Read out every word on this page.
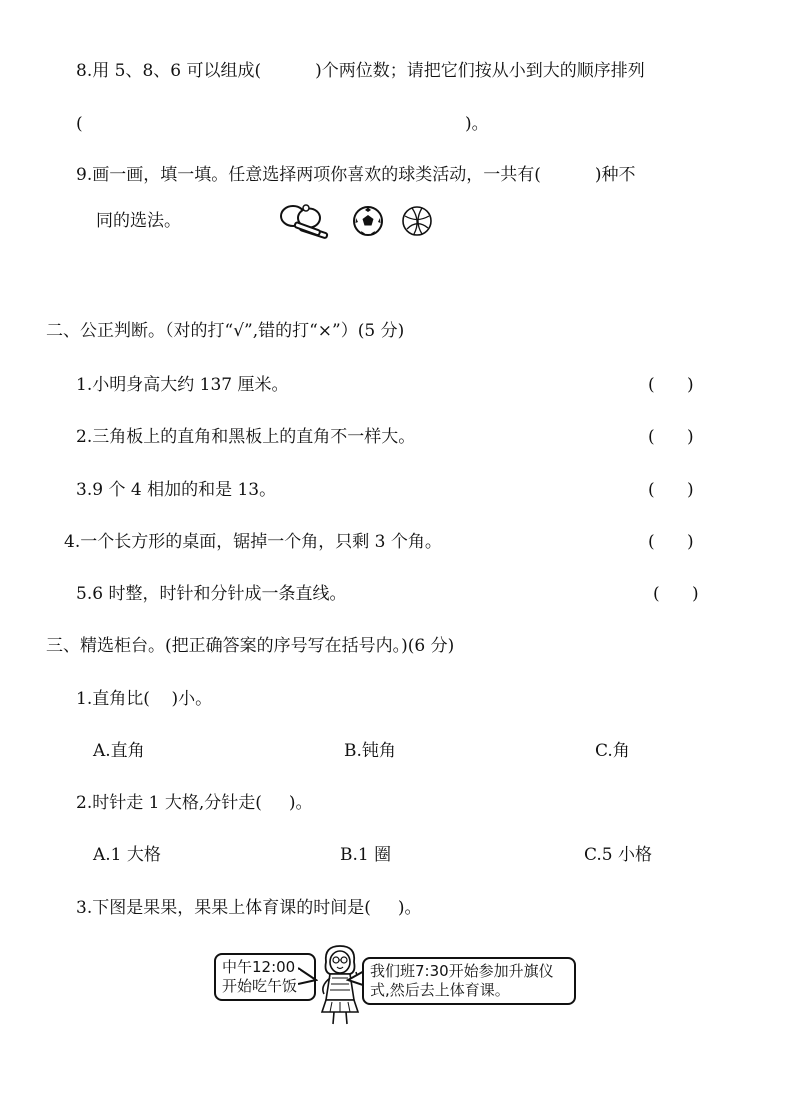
8.用 5、8、6 可以组成(          )个两位数；请把它们按从小到大的顺序排列
(	)。
9.画一画，填一填。任意选择两项你喜欢的球类活动，一共有(          )种不
同的选法。
二、公正判断。（对的打“√”,错的打“×”）(5 分)
1.小明身高大约 137 厘米。	(      )
2.三角板上的直角和黑板上的直角不一样大。	(      )
3.9 个 4 相加的和是 13。	(      )
4.一个长方形的桌面，锯掉一个角，只剩 3 个角。	(      )
5.6 时整，时针和分针成一条直线。	(      )
三、精选柜台。(把正确答案的序号写在括号内。)(6 分)
1.直角比(    )小。
A.直角	B.钝角	C.角
2.时针走 1 大格,分针走(     )。
A.1 大格	B.1 圈	C.5 小格
3.下图是果果，果果上体育课的时间是(     )。
中午12:00
开始吃午饭
我们班7:30开始参加升旗仪
式,然后去上体育课。
